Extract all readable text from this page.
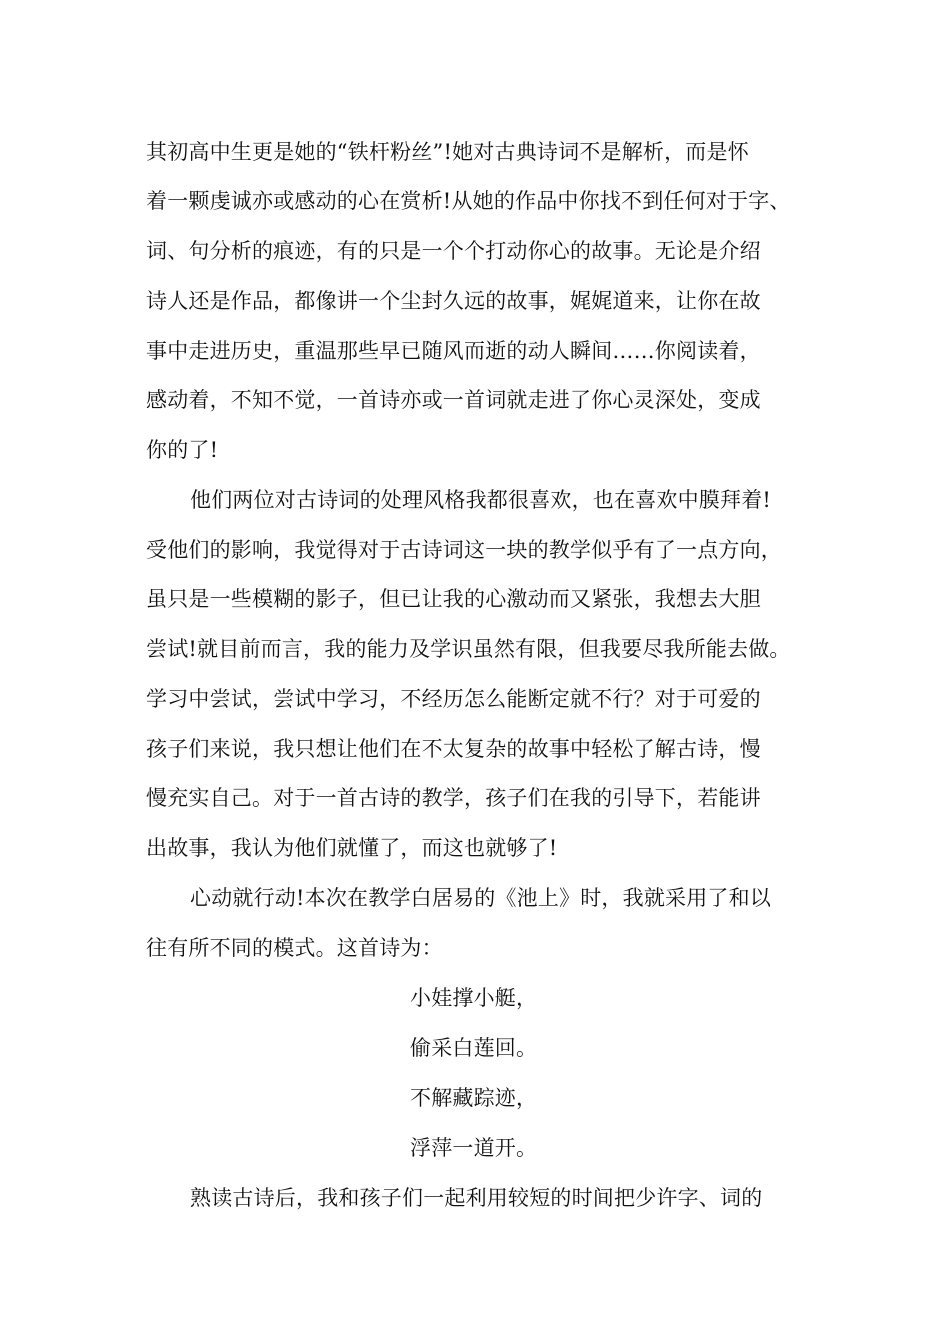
其初高中生更是她的“铁杆粉丝”!她对古典诗词不是解析，而是怀
着一颗虔诚亦或感动的心在赏析!从她的作品中你找不到任何对于字、
词、句分析的痕迹，有的只是一个个打动你心的故事。无论是介绍
诗人还是作品，都像讲一个尘封久远的故事，娓娓道来，让你在故
事中走进历史，重温那些早已随风而逝的动人瞬间……你阅读着，
感动着，不知不觉，一首诗亦或一首词就走进了你心灵深处，变成
你的了!
他们两位对古诗词的处理风格我都很喜欢，也在喜欢中膜拜着!
受他们的影响，我觉得对于古诗词这一块的教学似乎有了一点方向，
虽只是一些模糊的影子，但已让我的心激动而又紧张，我想去大胆
尝试!就目前而言，我的能力及学识虽然有限，但我要尽我所能去做。
学习中尝试，尝试中学习，不经历怎么能断定就不行？对于可爱的
孩子们来说，我只想让他们在不太复杂的故事中轻松了解古诗，慢
慢充实自己。对于一首古诗的教学，孩子们在我的引导下，若能讲
出故事，我认为他们就懂了，而这也就够了!
心动就行动!本次在教学白居易的《池上》时，我就采用了和以
往有所不同的模式。这首诗为：
小娃撑小艇，
偷采白莲回。
不解藏踪迹，
浮萍一道开。
熟读古诗后，我和孩子们一起利用较短的时间把少许字、词的
